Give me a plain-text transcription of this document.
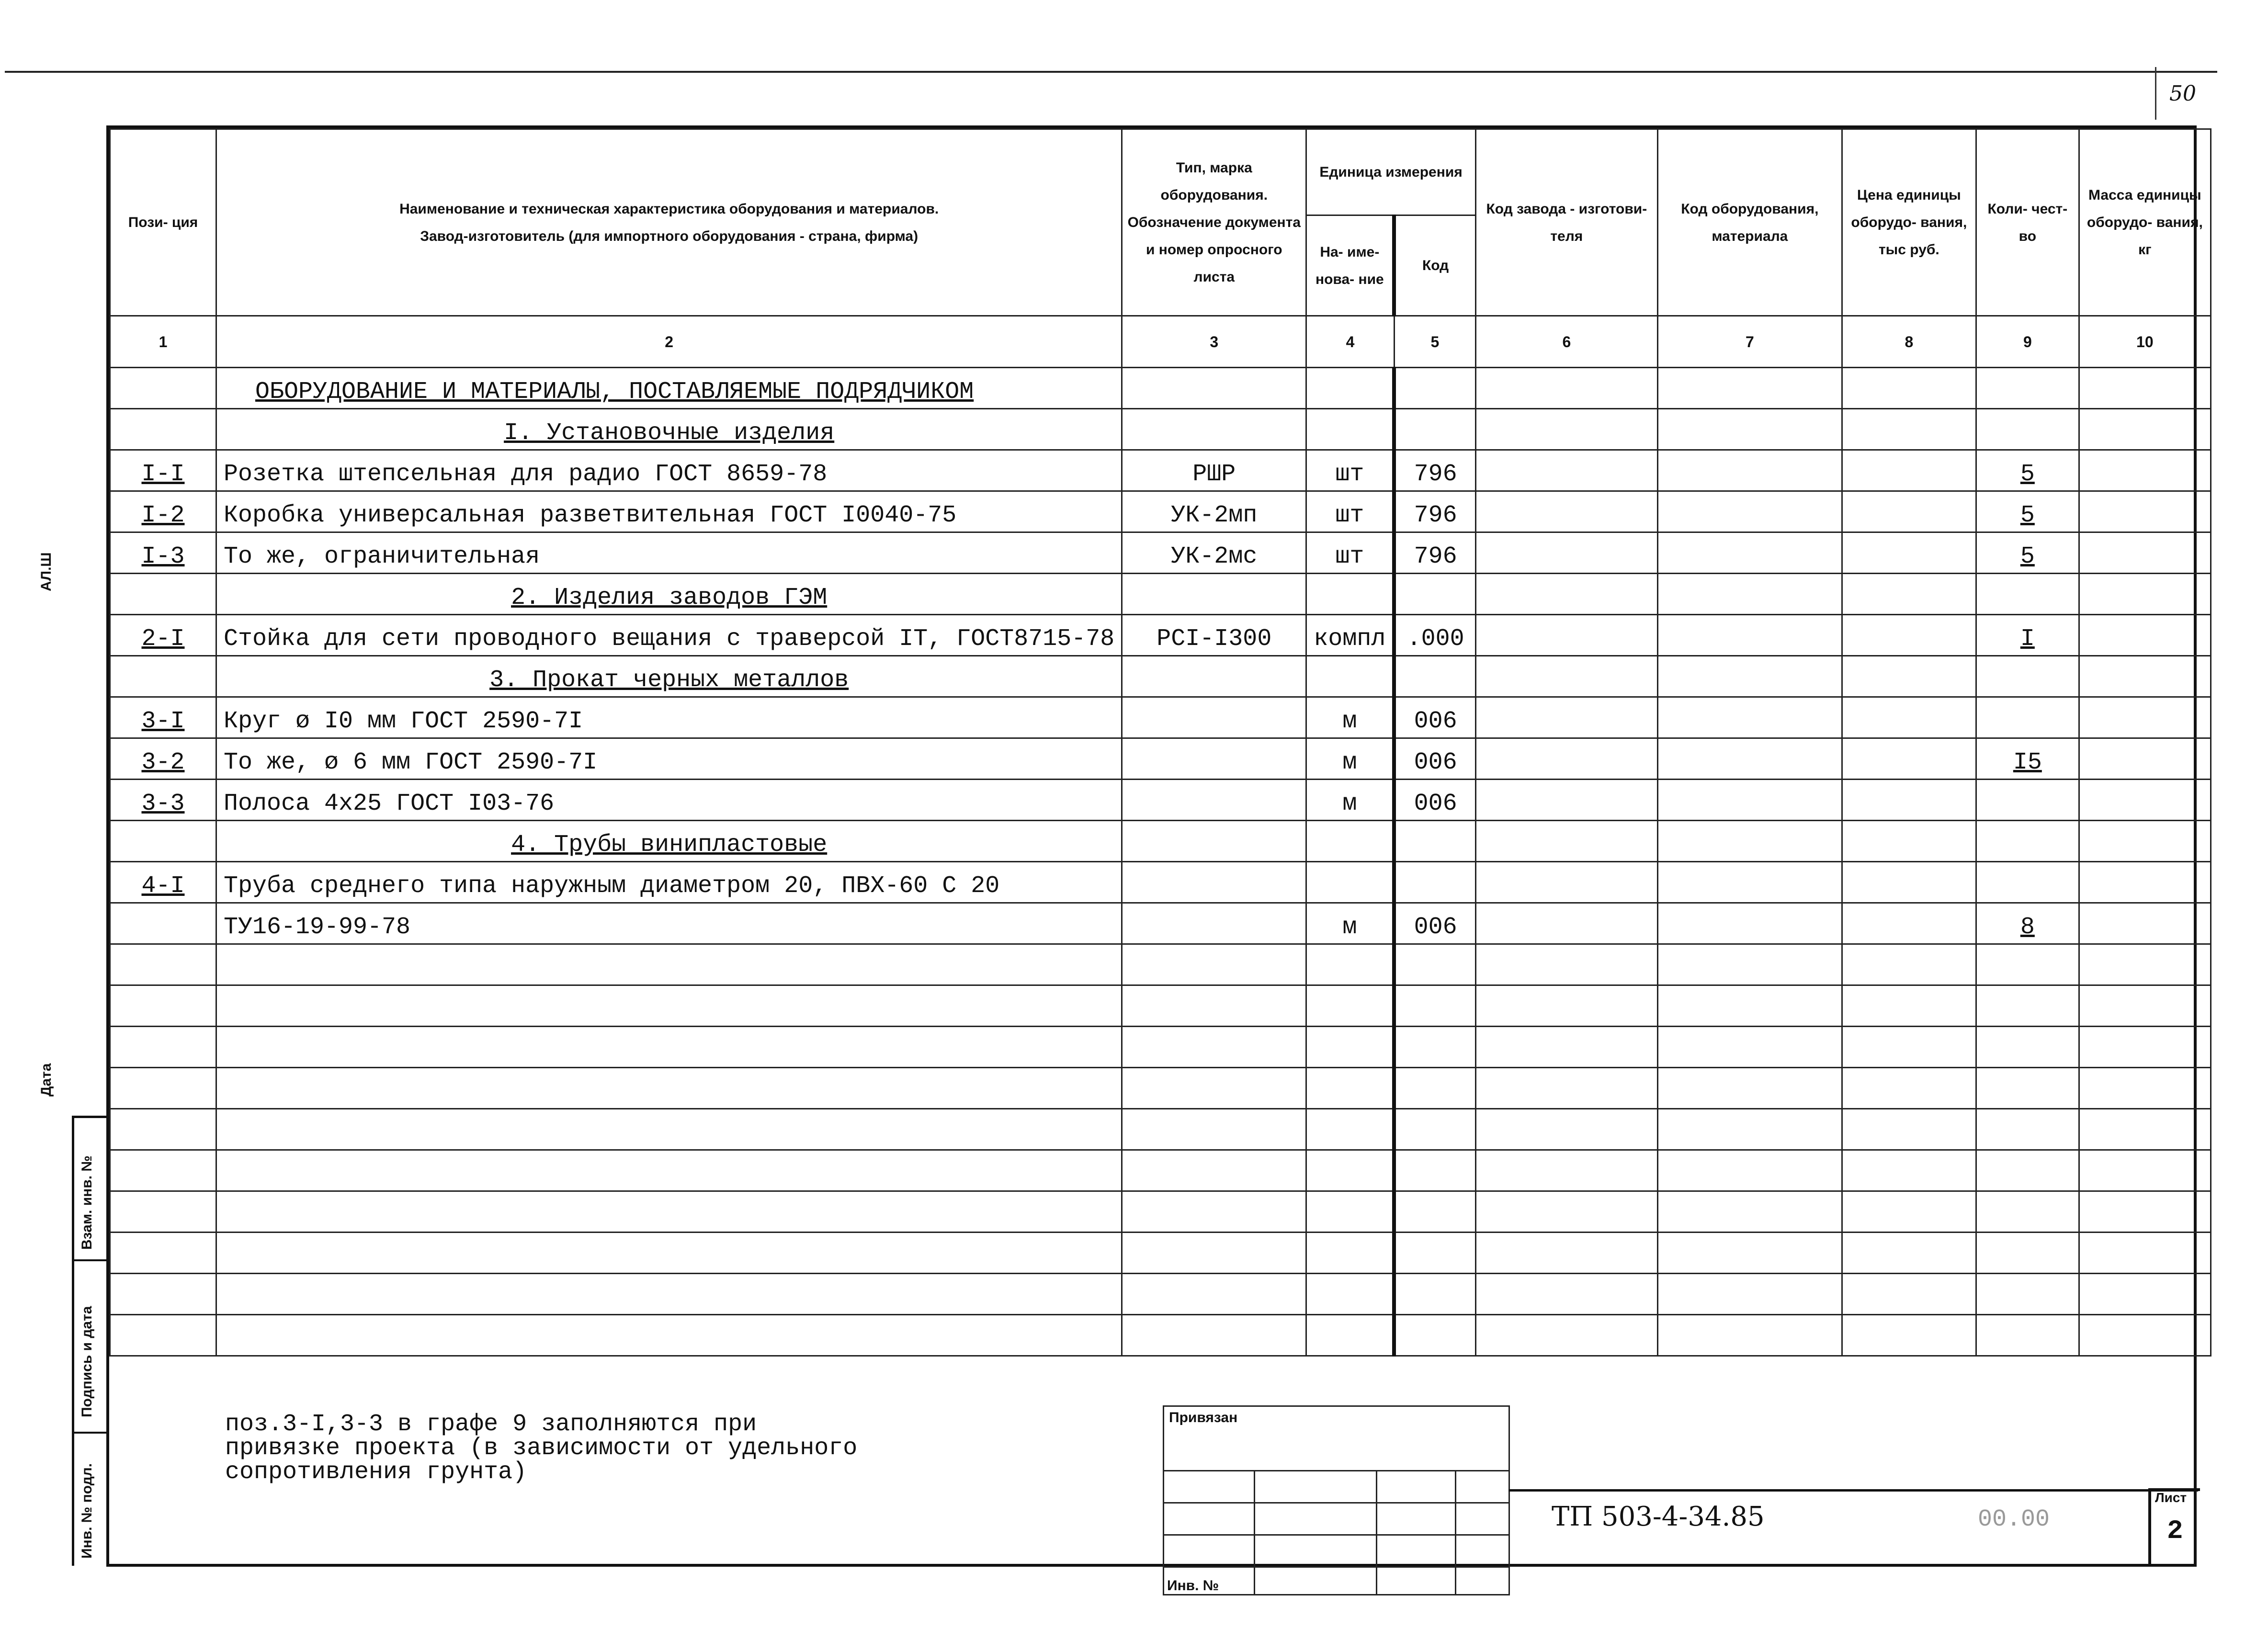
50
АЛ.Ш
Дата
Взам. инв. №
Подпись и дата
Инв. № подл.
Пози- ция	Наименование и техническая характеристика оборудования и материалов.
Завод-изготовитель (для импортного оборудования - страна, фирма)	Тип, марка оборудования. Обозначение документа и номер опросного листа	Единица измерения		Код завода - изготови- теля	Код оборудования, материала	Цена единицы оборудо- вания, тыс руб.	Коли- чест- во	Масса единицы оборудо- вания, кг
			На- име- нова- ние	Код					
1	2	3	4	5	6	7	8	9	10
	ОБОРУДОВАНИЕ И МАТЕРИАЛЫ, ПОСТАВЛЯЕМЫЕ ПОДРЯДЧИКОМ								
	I. Установочные изделия								
I-I	Розетка штепсельная для радио ГОСТ 8659-78	РШР	шт	796				5	
I-2	Коробка универсальная разветвительная ГОСТ I0040-75	УК-2мп	шт	796				5	
I-3	То же, ограничительная	УК-2мс	шт	796				5	
	2. Изделия заводов ГЭМ								
2-I	Стойка для сети проводного вещания с траверсой IТ, ГОСТ8715-78	РСI-I300	компл	.000				I	
	3. Прокат черных металлов								
3-I	Круг ø I0 мм ГОСТ 2590-7I		м	006					
3-2	То же, ø 6 мм ГОСТ 2590-7I		м	006				I5	
3-3	Полоса 4х25 ГОСТ I03-76		м	006					
	4. Трубы винипластовые								
4-I	Труба среднего типа наружным диаметром 20, ПВХ-60 С 20								
	ТУ16-19-99-78		м	006				8	

поз.3-I,3-3 в графе 9 заполняются при
привязке проекта (в зависимости от удельного
сопротивления грунта)
Привязан			

Инв. №			
ТП 503-4-34.85	00.00
Лист
2
